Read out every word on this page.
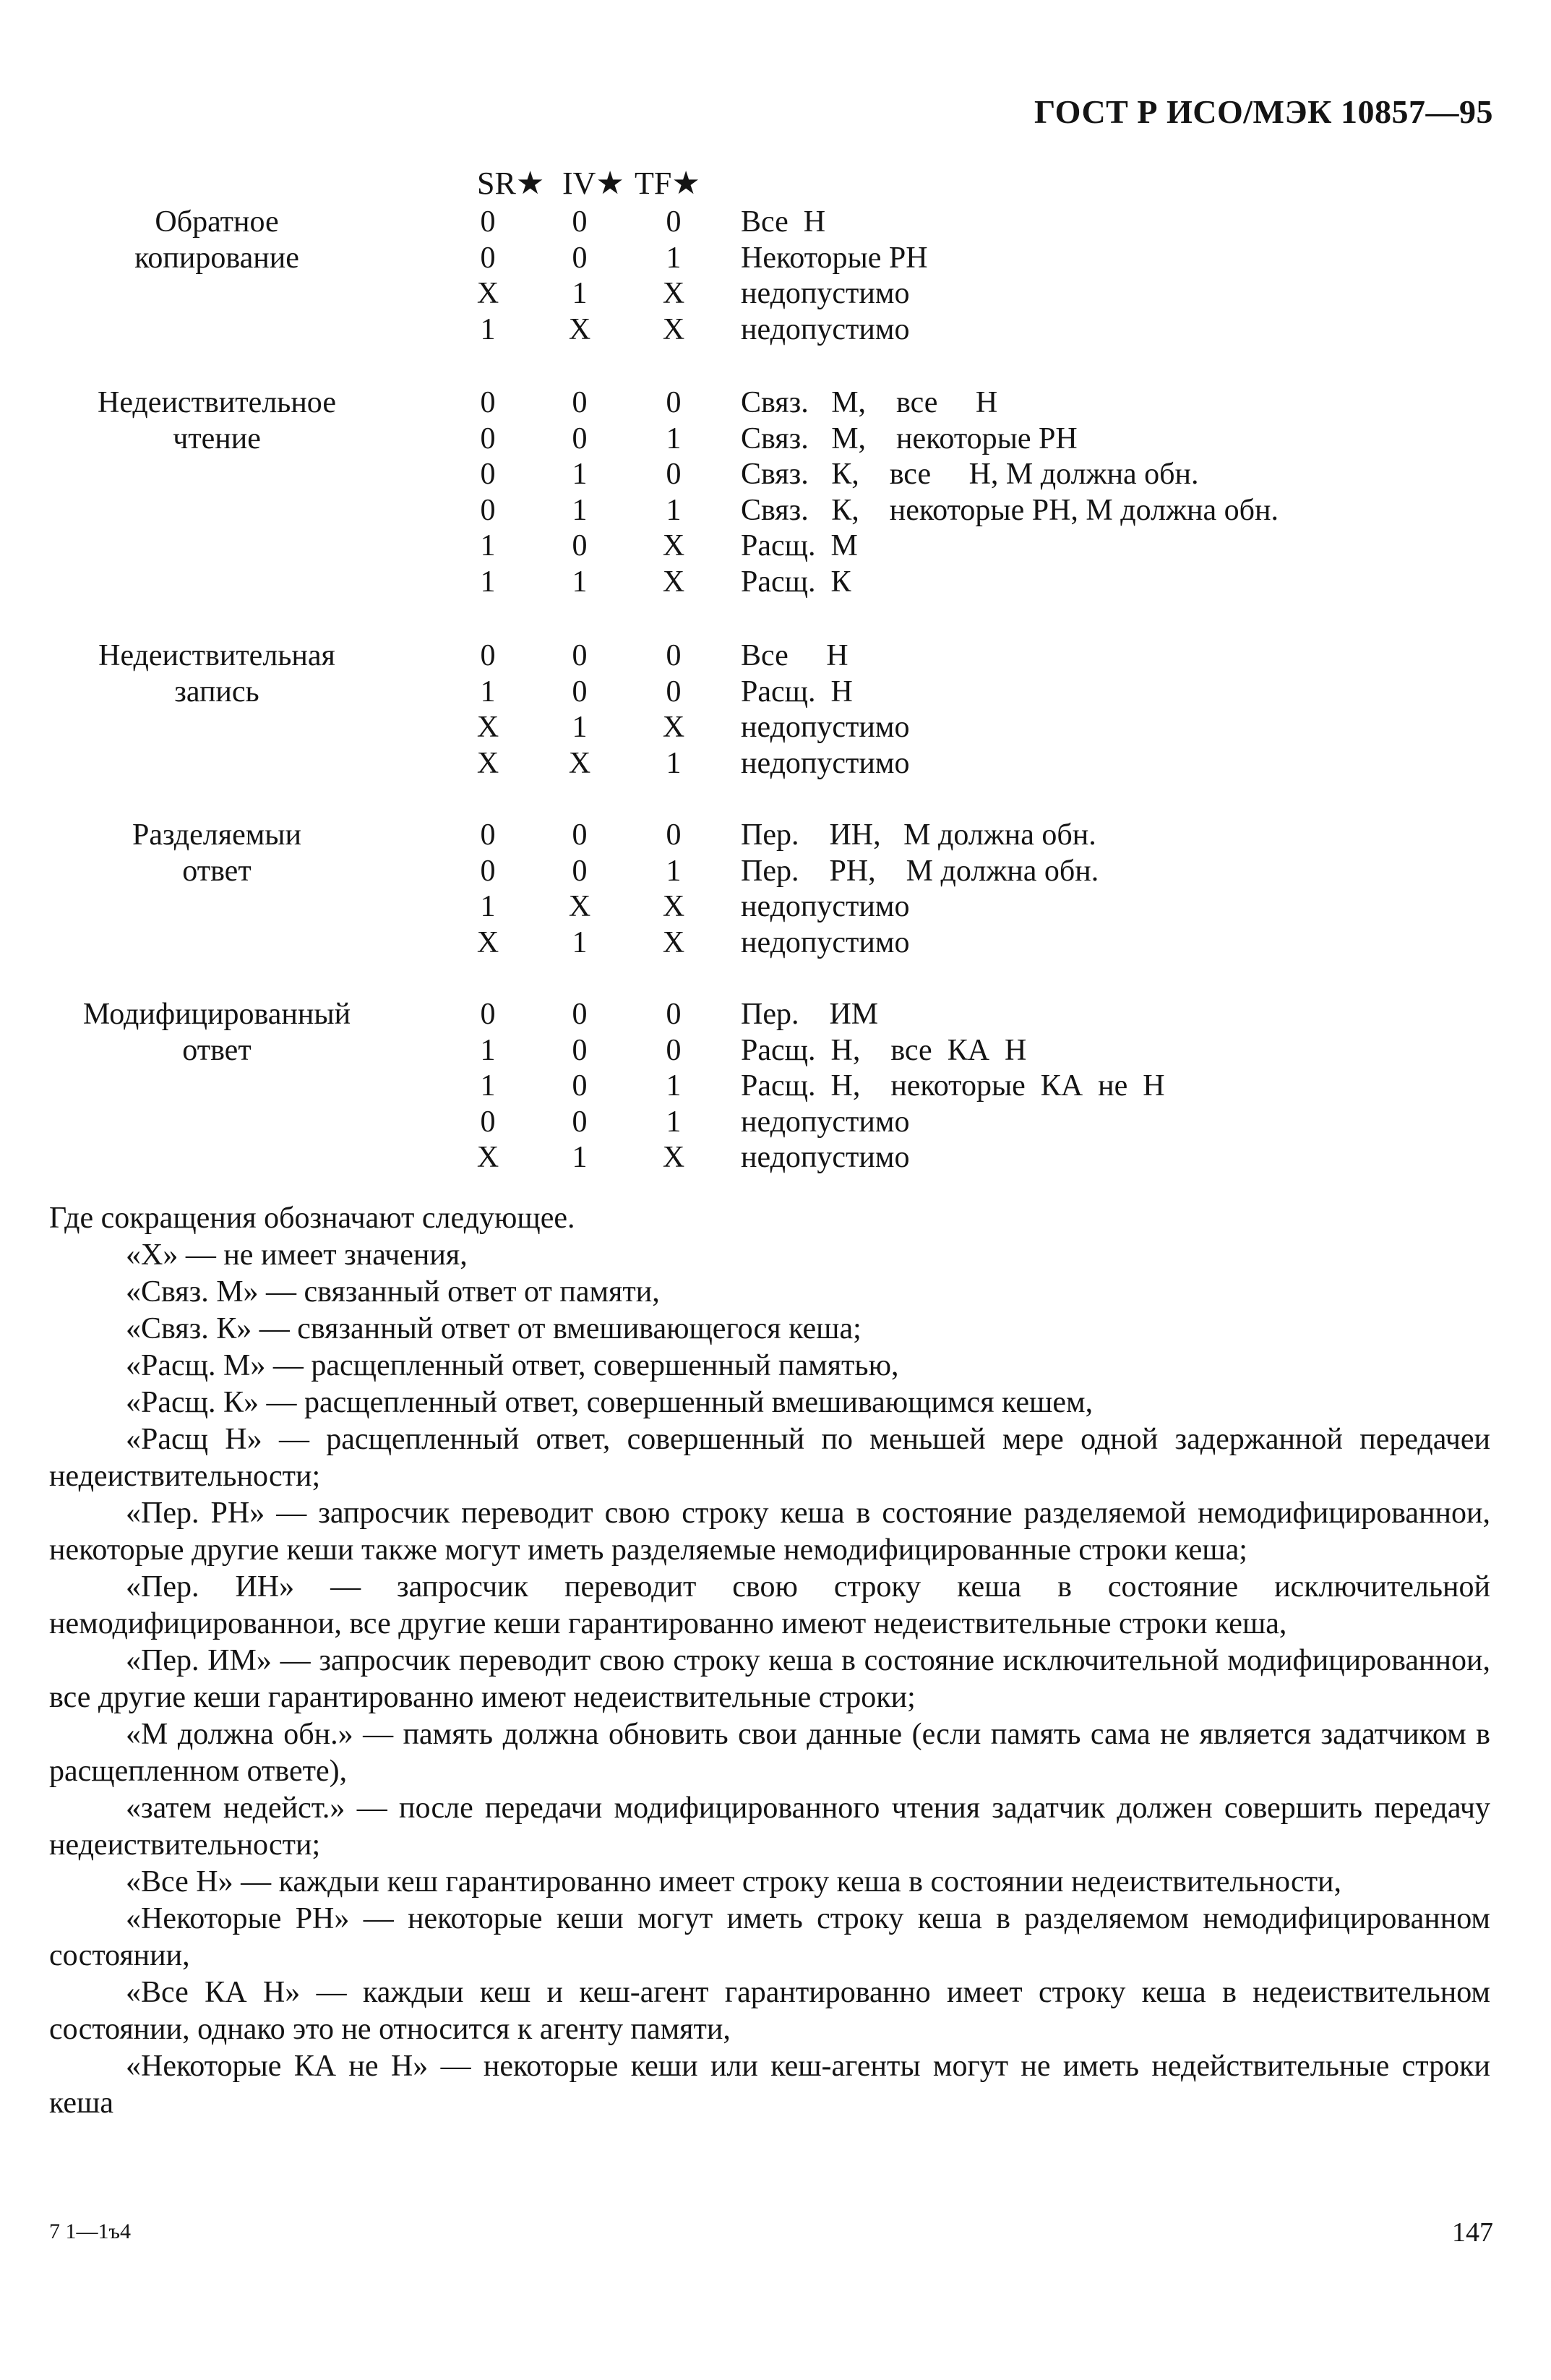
ГОСТ Р ИСО/МЭК 10857—95
SR★ IV★ TF★
Обратное
копирование
0	0	0	Все  Н
0	0	1	Некоторые РН
X	1	X	недопустимо
1	X	X	недопустимо
Недеиствительное
чтение
0	0	0	Связ.   М,    все     Н
0	0	1	Связ.   М,    некоторые РН
0	1	0	Связ.   К,    все     Н, М должна обн.
0	1	1	Связ.   К,    некоторые РН, М должна обн.
1	0	X	Расщ.  М
1	1	X	Расщ.  К
Недеиствительная
запись
0	0	0	Все     Н
1	0	0	Расщ.  Н
X	1	X	недопустимо
X	X	1	недопустимо
Разделяемыи
ответ
0	0	0	Пер.    ИН,   М должна обн.
0	0	1	Пер.    РН,    М должна обн.
1	X	X	недопустимо
X	1	X	недопустимо
Модифицированный
ответ
0	0	0	Пер.    ИМ
1	0	0	Расщ.  Н,    все  КА  Н
1	0	1	Расщ.  Н,    некоторые  КА  не  Н
0	0	1	недопустимо
X	1	X	недопустимо

Где сокращения обозначают следующее.

«X» — не имеет значения,

«Связ. М» — связанный ответ от памяти,

«Связ. К» — связанный ответ от вмешивающегося кеша;

«Расщ. М» — расщепленный ответ, совершенный памятью,

«Расщ. К» — расщепленный ответ, совершенный вмешивающимся кешем,

«Расщ Н» — расщепленный ответ, совершенный по меньшей мере одной задержанной передачеи недеиствительности;

«Пер. РН» — запросчик переводит свою строку кеша в состояние разделяемой немодифицированнои, некоторые другие кеши также могут иметь разделяемые немодифицированные строки кеша;

«Пер. ИН» — запросчик переводит свою строку кеша в состояние исключительной немодифицированнои, все другие кеши гарантированно имеют недеиствительные строки кеша,

«Пер. ИМ» — запросчик переводит свою строку кеша в состояние исключительной модифицированнои, все другие кеши гарантированно имеют недеиствительные строки;

«М должна обн.» — память должна обновить свои данные (если память сама не является задатчиком в расщепленном ответе),

«затем недейст.» — после передачи модифицированного чтения задатчик должен совершить передачу недеиствительности;

«Все Н» — каждыи кеш гарантированно имеет строку кеша в состоянии недеиствительности,

«Некоторые РН» — некоторые кеши могут иметь строку кеша в разделяемом немодифицированном состоянии,

«Все КА Н» — каждыи кеш и кеш-агент гарантированно имеет строку кеша в недеиствительном состоянии, однако это не относится к агенту памяти,

«Некоторые КА не Н» — некоторые кеши или кеш-агенты могут не иметь недействительные строки кеша

7 1—1ъ4	147
